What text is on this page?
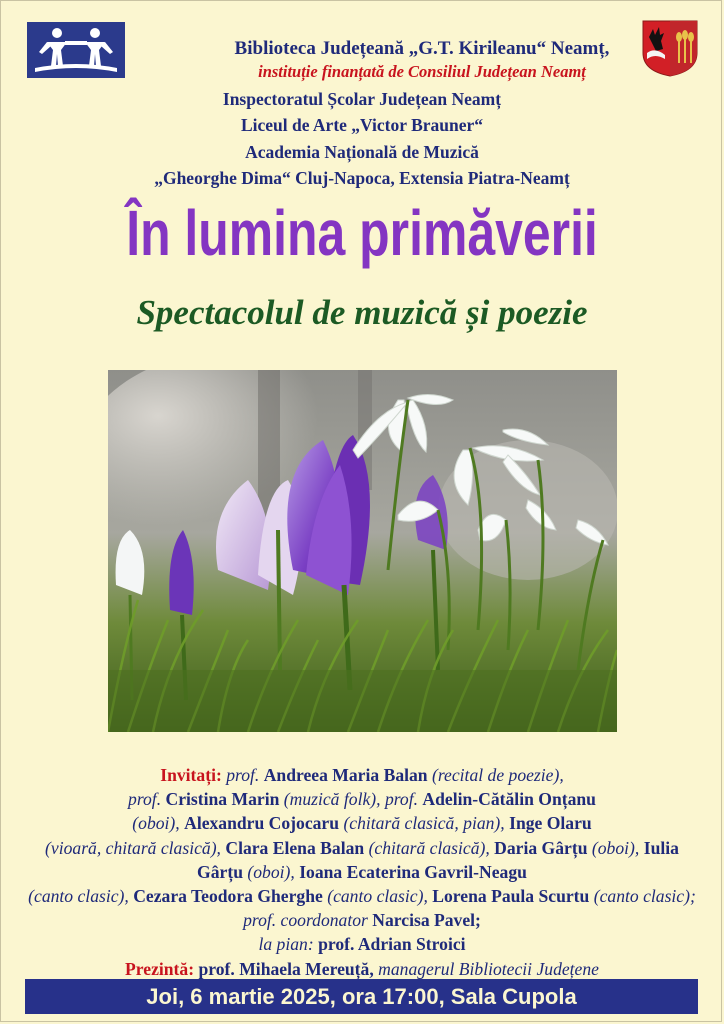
Biblioteca Județeană „G.T. Kirileanu“ Neamț,
instituție finanțată de Consiliul Județean Neamț
Inspectoratul Școlar Județean Neamț
Liceul de Arte „Victor Brauner“
Academia Națională de Muzică
„Gheorghe Dima“ Cluj-Napoca, Extensia Piatra-Neamț
În lumina primăverii
Spectacolul de muzică și poezie
Invitați: prof. Andreea Maria Balan (recital de poezie),
prof. Cristina Marin (muzică folk), prof. Adelin-Cătălin Onțanu
(oboi), Alexandru Cojocaru (chitară clasică, pian), Inge Olaru
(vioară, chitară clasică), Clara Elena Balan (chitară clasică), Daria Gârțu (oboi), Iulia Gârțu (oboi), Ioana Ecaterina Gavril-Neagu
(canto clasic), Cezara Teodora Gherghe (canto clasic), Lorena Paula Scurtu (canto clasic); prof. coordonator Narcisa Pavel;
la pian: prof. Adrian Stroici
Prezintă: prof. Mihaela Mereuță, managerul Bibliotecii Județene
Joi, 6 martie 2025, ora 17:00, Sala Cupola
